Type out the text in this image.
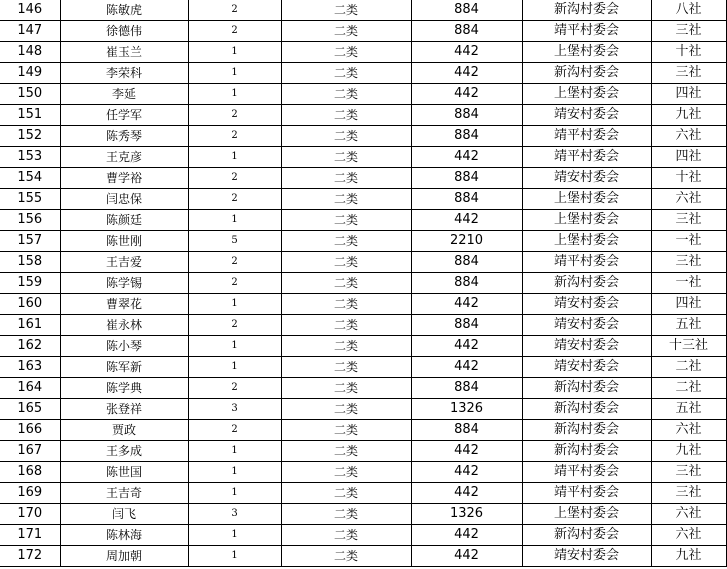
146	陈敏虎	2	二类	884	新沟村委会	八社
147	徐德伟	2	二类	884	靖平村委会	三社
148	崔玉兰	1	二类	442	上堡村委会	十社
149	李荣科	1	二类	442	新沟村委会	三社
150	李延	1	二类	442	上堡村委会	四社
151	任学军	2	二类	884	靖安村委会	九社
152	陈秀琴	2	二类	884	靖平村委会	六社
153	王克彦	1	二类	442	靖平村委会	四社
154	曹学裕	2	二类	884	靖安村委会	十社
155	闫忠保	2	二类	884	上堡村委会	六社
156	陈颜廷	1	二类	442	上堡村委会	三社
157	陈世刚	5	二类	2210	上堡村委会	一社
158	王吉爱	2	二类	884	靖平村委会	三社
159	陈学锡	2	二类	884	新沟村委会	一社
160	曹翠花	1	二类	442	靖安村委会	四社
161	崔永林	2	二类	884	靖安村委会	五社
162	陈小琴	1	二类	442	靖安村委会	十三社
163	陈军新	1	二类	442	靖安村委会	二社
164	陈学典	2	二类	884	新沟村委会	二社
165	张登祥	3	二类	1326	新沟村委会	五社
166	贾政	2	二类	884	新沟村委会	六社
167	王多成	1	二类	442	新沟村委会	九社
168	陈世国	1	二类	442	靖平村委会	三社
169	王吉奇	1	二类	442	靖平村委会	三社
170	闫飞	3	二类	1326	上堡村委会	六社
171	陈林海	1	二类	442	新沟村委会	六社
172	周加朝	1	二类	442	靖安村委会	九社
